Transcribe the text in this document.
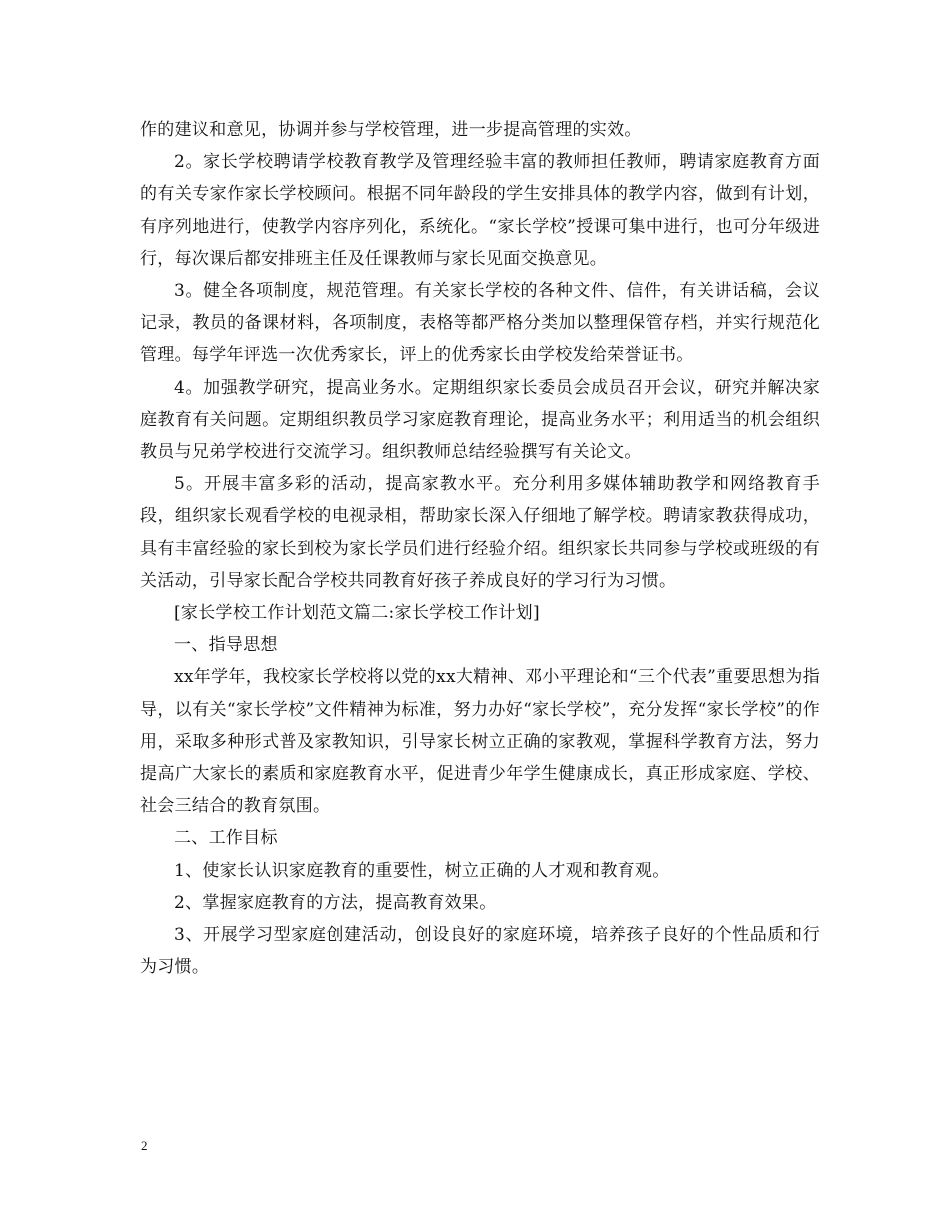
作的建议和意见，协调并参与学校管理，进一步提高管理的实效。

2。家长学校聘请学校教育教学及管理经验丰富的教师担任教师，聘请家庭教育方面的有关专家作家长学校顾问。根据不同年龄段的学生安排具体的教学内容，做到有计划，有序列地进行，使教学内容序列化，系统化。“家长学校”授课可集中进行，也可分年级进行，每次课后都安排班主任及任课教师与家长见面交换意见。

3。健全各项制度，规范管理。有关家长学校的各种文件、信件，有关讲话稿，会议记录，教员的备课材料，各项制度，表格等都严格分类加以整理保管存档，并实行规范化管理。每学年评选一次优秀家长，评上的优秀家长由学校发给荣誉证书。

4。加强教学研究，提高业务水。定期组织家长委员会成员召开会议，研究并解决家庭教育有关问题。定期组织教员学习家庭教育理论，提高业务水平；利用适当的机会组织教员与兄弟学校进行交流学习。组织教师总结经验撰写有关论文。

5。开展丰富多彩的活动，提高家教水平。充分利用多媒体辅助教学和网络教育手段，组织家长观看学校的电视录相，帮助家长深入仔细地了解学校。聘请家教获得成功，具有丰富经验的家长到校为家长学员们进行经验介绍。组织家长共同参与学校或班级的有关活动，引导家长配合学校共同教育好孩子养成良好的学习行为习惯。

[家长学校工作计划范文篇二:家长学校工作计划]

一、指导思想

xx年学年，我校家长学校将以党的xx大精神、邓小平理论和“三个代表”重要思想为指导，以有关“家长学校”文件精神为标准，努力办好“家长学校”，充分发挥“家长学校”的作用，采取多种形式普及家教知识，引导家长树立正确的家教观，掌握科学教育方法，努力提高广大家长的素质和家庭教育水平，促进青少年学生健康成长，真正形成家庭、学校、社会三结合的教育氛围。

二、工作目标

1、使家长认识家庭教育的重要性，树立正确的人才观和教育观。

2、掌握家庭教育的方法，提高教育效果。

3、开展学习型家庭创建活动，创设良好的家庭环境，培养孩子良好的个性品质和行为习惯。

2
